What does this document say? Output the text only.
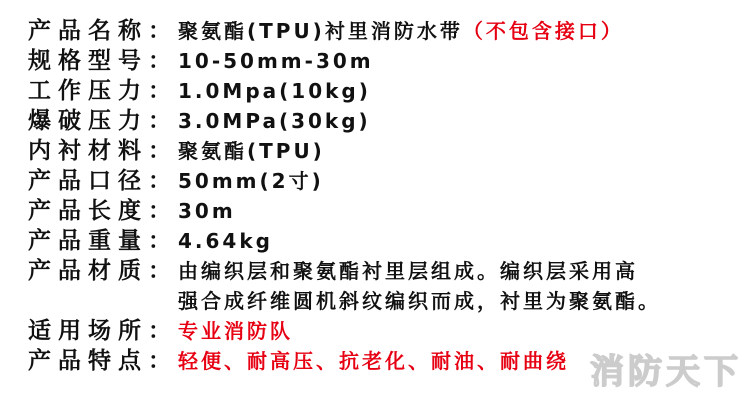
产品名称： 聚氨酯(TPU)衬里消防水带 （不包含接口）
规格型号： 10-50mm-30m
工作压力： 1.0Mpa(10kg)
爆破压力： 3.0MPa(30kg)
内衬材料： 聚氨酯(TPU)
产品口径： 50mm(2寸)
产品长度： 30m
产品重量： 4.64kg
产品材质： 由编织层和聚氨酯衬里层组成。编织层采用高
强合成纤维圆机斜纹编织而成，衬里为聚氨酯。
适用场所： 专业消防队
产品特点： 轻便、耐高压、抗老化、耐油、耐曲绕 消防天下
